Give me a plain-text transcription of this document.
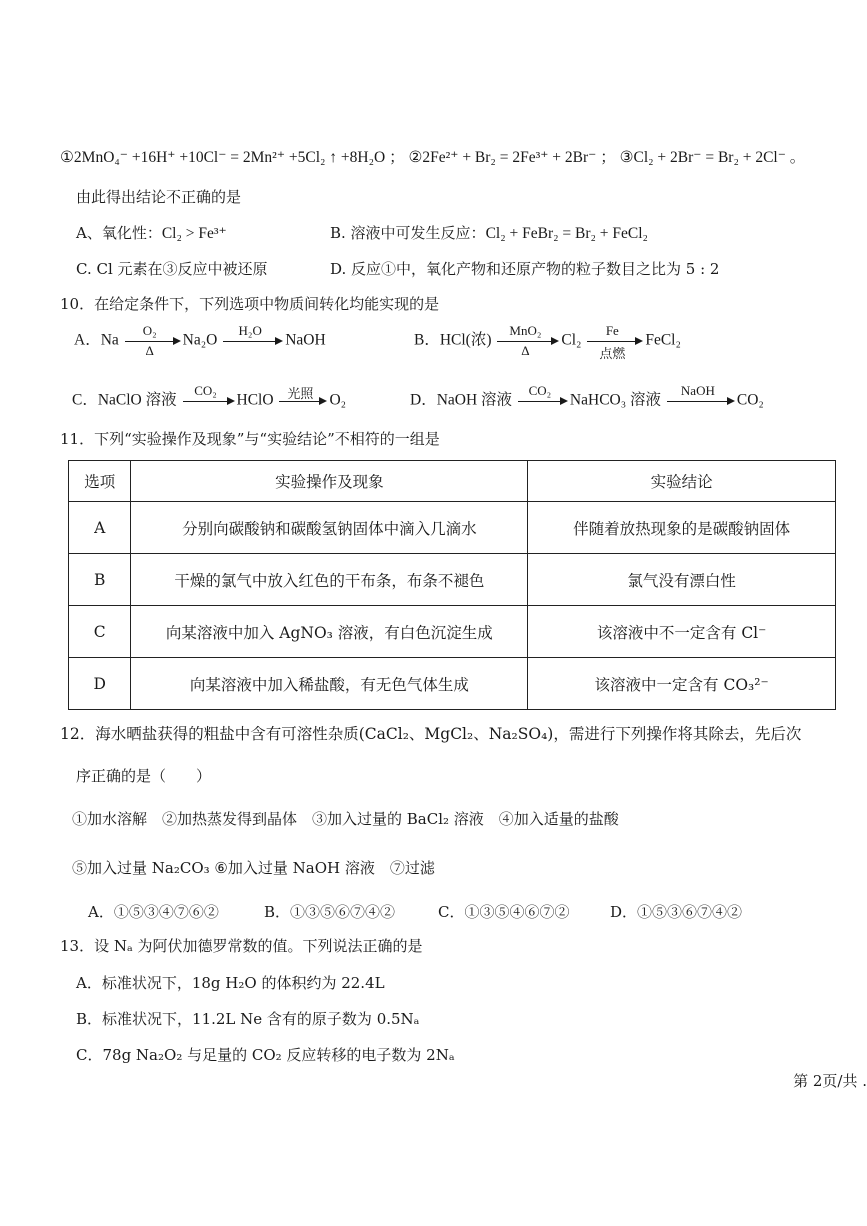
①2MnO₄⁻ +16H⁺ +10Cl⁻ = 2Mn²⁺ +5Cl₂ ↑ +8H₂O ； ②2Fe²⁺ + Br₂ = 2Fe³⁺ + 2Br⁻ ； ③Cl₂ + 2Br⁻ = Br₂ + 2Cl⁻ 。
由此得出结论不正确的是
A、氧化性：Cl₂ > Fe³⁺	B. 溶液中可发生反应：Cl₂ + FeBr₂ = Br₂ + FeCl₂
C. Cl 元素在③反应中被还原	D. 反应①中，氧化产物和还原产物的粒子数目之比为 5 : 2
10．在给定条件下，下列选项中物质间转化均能实现的是
A．Na $\frac{\text{O₂}}{\Delta} Na_2O$
H₂O
NaOH	B．HCl(浓)
MnO₂
Δ
Cl₂
Fe
点燃
FeCl₂
C．NaClO 溶液
CO₂
HClO	光照	O₂	D．NaOH 溶液
CO₂
NaHCO₃ 溶液
NaOH
CO₂
11．下列“实验操作及现象”与“实验结论”不相符的一组是
选项	实验操作及现象	实验结论
A	分别向碳酸钠和碳酸氢钠固体中滴入几滴水	伴随着放热现象的是碳酸钠固体
B	干燥的氯气中放入红色的干布条，布条不褪色	氯气没有漂白性
C	向某溶液中加入 AgNO₃ 溶液，有白色沉淀生成	该溶液中不一定含有 Cl⁻
D	向某溶液中加入稀盐酸，有无色气体生成	该溶液中一定含有 CO₃²⁻
12．海水晒盐获得的粗盐中含有可溶性杂质(CaCl₂、MgCl₂、Na₂SO₄)，需进行下列操作将其除去，先后次
序正确的是（　　）
①加水溶解　②加热蒸发得到晶体　③加入过量的 BaCl₂ 溶液　④加入适量的盐酸
⑤加入过量 Na₂CO₃ ⑥加入过量 NaOH 溶液　⑦过滤
A．①⑤③④⑦⑥②	B．①③⑤⑥⑦④②	C．①③⑤④⑥⑦②	D．①⑤③⑥⑦④②
13．设 Nₐ 为阿伏加德罗常数的值。下列说法正确的是
A．标准状况下，18g H₂O 的体积约为 22.4L
B．标准状况下，11.2L Ne 含有的原子数为 0.5Nₐ
C．78g Na₂O₂ 与足量的 CO₂ 反应转移的电子数为 2Nₐ
第 2页/共 .
